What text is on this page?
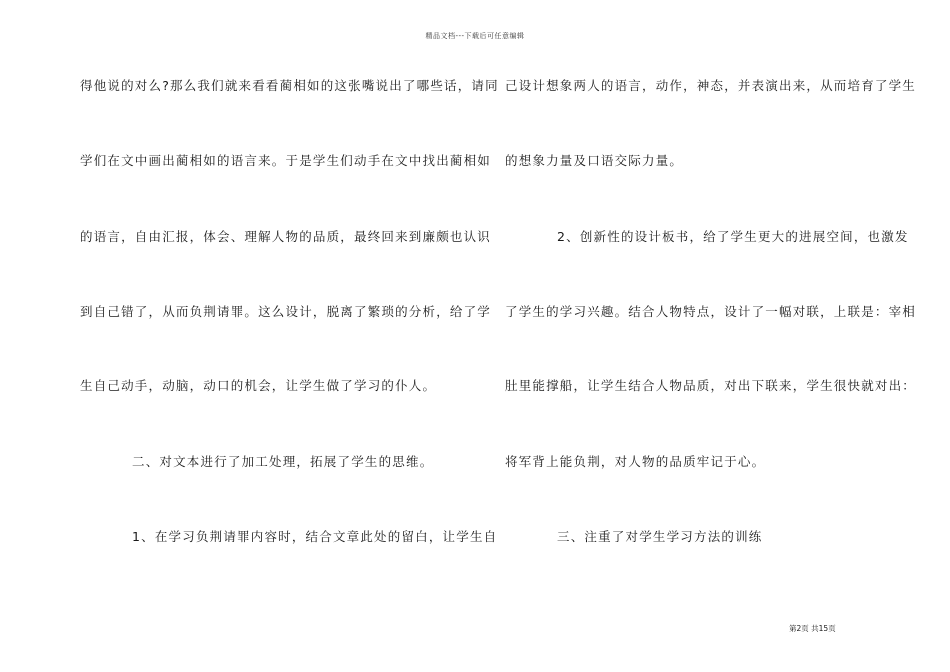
精品文档---下载后可任意编辑
得他说的对么?那么我们就来看看蔺相如的这张嘴说出了哪些话，请同
学们在文中画出蔺相如的语言来。于是学生们动手在文中找出蔺相如
的语言，自由汇报，体会、理解人物的品质，最终回来到廉颇也认识
到自己错了，从而负荆请罪。这么设计，脱离了繁琐的分析，给了学
生自己动手，动脑，动口的机会，让学生做了学习的仆人。
二、对文本进行了加工处理，拓展了学生的思维。
1、在学习负荆请罪内容时，结合文章此处的留白，让学生自
己设计想象两人的语言，动作，神态，并表演出来，从而培育了学生
的想象力量及口语交际力量。
2、创新性的设计板书，给了学生更大的进展空间，也激发
了学生的学习兴趣。结合人物特点，设计了一幅对联，上联是：宰相
肚里能撑船，让学生结合人物品质，对出下联来，学生很快就对出：
将军背上能负荆，对人物的品质牢记于心。
三、注重了对学生学习方法的训练
第2页 共15页
